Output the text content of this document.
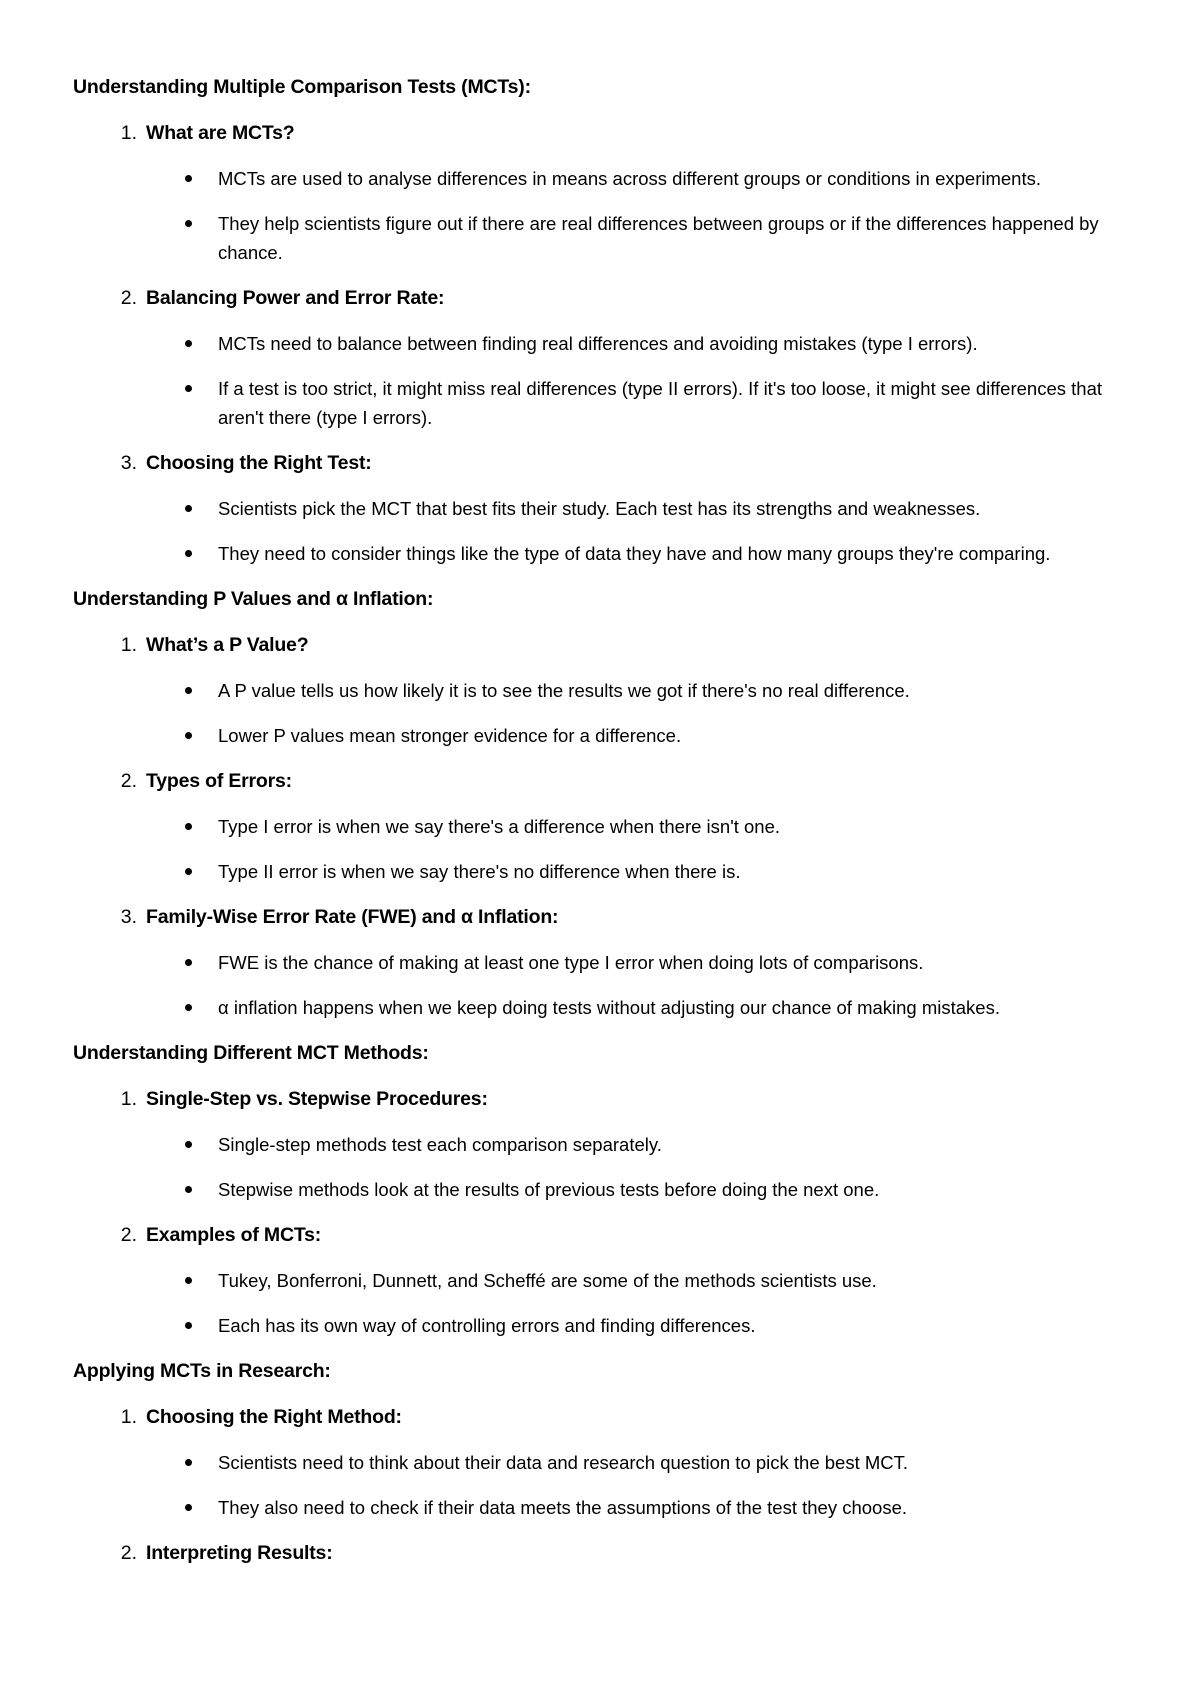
Understanding Multiple Comparison Tests (MCTs):
1. What are MCTs?
MCTs are used to analyse differences in means across different groups or conditions in experiments.
They help scientists figure out if there are real differences between groups or if the differences happened by chance.
2. Balancing Power and Error Rate:
MCTs need to balance between finding real differences and avoiding mistakes (type I errors).
If a test is too strict, it might miss real differences (type II errors). If it's too loose, it might see differences that aren't there (type I errors).
3. Choosing the Right Test:
Scientists pick the MCT that best fits their study. Each test has its strengths and weaknesses.
They need to consider things like the type of data they have and how many groups they're comparing.
Understanding P Values and α Inflation:
1. What’s a P Value?
A P value tells us how likely it is to see the results we got if there's no real difference.
Lower P values mean stronger evidence for a difference.
2. Types of Errors:
Type I error is when we say there's a difference when there isn't one.
Type II error is when we say there's no difference when there is.
3. Family-Wise Error Rate (FWE) and α Inflation:
FWE is the chance of making at least one type I error when doing lots of comparisons.
α inflation happens when we keep doing tests without adjusting our chance of making mistakes.
Understanding Different MCT Methods:
1. Single-Step vs. Stepwise Procedures:
Single-step methods test each comparison separately.
Stepwise methods look at the results of previous tests before doing the next one.
2. Examples of MCTs:
Tukey, Bonferroni, Dunnett, and Scheffé are some of the methods scientists use.
Each has its own way of controlling errors and finding differences.
Applying MCTs in Research:
1. Choosing the Right Method:
Scientists need to think about their data and research question to pick the best MCT.
They also need to check if their data meets the assumptions of the test they choose.
2. Interpreting Results:
